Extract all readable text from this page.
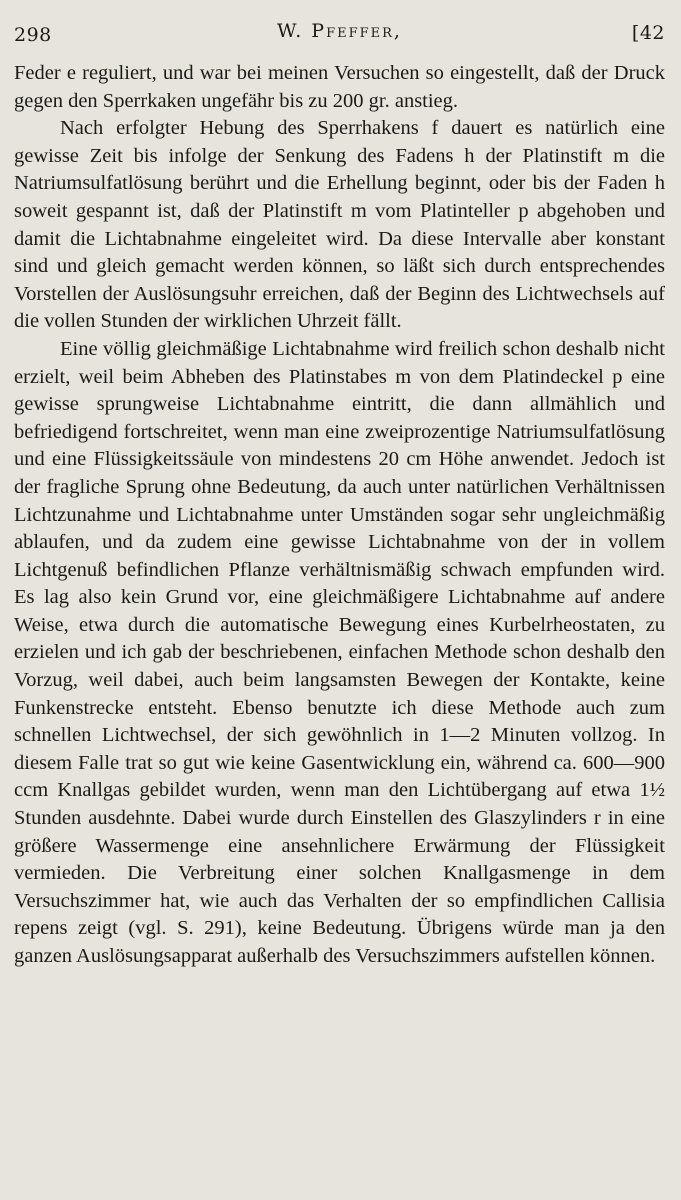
298	W. Pfeffer,	[42

Feder e reguliert, und war bei meinen Versuchen so eingestellt, daß der Druck gegen den Sperrkaken ungefähr bis zu 200 gr. anstieg.

Nach erfolgter Hebung des Sperrhakens f dauert es natürlich eine gewisse Zeit bis infolge der Senkung des Fadens h der Platinstift m die Natriumsulfatlösung berührt und die Erhellung beginnt, oder bis der Faden h soweit gespannt ist, daß der Platinstift m vom Platinteller p abgehoben und damit die Lichtabnahme eingeleitet wird. Da diese Intervalle aber konstant sind und gleich gemacht werden können, so läßt sich durch entsprechendes Vorstellen der Auslösungsuhr erreichen, daß der Beginn des Lichtwechsels auf die vollen Stunden der wirklichen Uhrzeit fällt.

Eine völlig gleichmäßige Lichtabnahme wird freilich schon deshalb nicht erzielt, weil beim Abheben des Platinstabes m von dem Platindeckel p eine gewisse sprungweise Lichtabnahme eintritt, die dann allmählich und befriedigend fortschreitet, wenn man eine zweiprozentige Natriumsulfatlösung und eine Flüssigkeitssäule von mindestens 20 cm Höhe anwendet. Jedoch ist der fragliche Sprung ohne Bedeutung, da auch unter natürlichen Verhältnissen Lichtzunahme und Lichtabnahme unter Umständen sogar sehr ungleichmäßig ablaufen, und da zudem eine gewisse Lichtabnahme von der in vollem Lichtgenuß befindlichen Pflanze verhältnismäßig schwach empfunden wird. Es lag also kein Grund vor, eine gleichmäßigere Lichtabnahme auf andere Weise, etwa durch die automatische Bewegung eines Kurbelrheostaten, zu erzielen und ich gab der beschriebenen, einfachen Methode schon deshalb den Vorzug, weil dabei, auch beim langsamsten Bewegen der Kontakte, keine Funkenstrecke entsteht. Ebenso benutzte ich diese Methode auch zum schnellen Lichtwechsel, der sich gewöhnlich in 1—2 Minuten vollzog. In diesem Falle trat so gut wie keine Gasentwicklung ein, während ca. 600—900 ccm Knallgas gebildet wurden, wenn man den Lichtübergang auf etwa 1½ Stunden ausdehnte. Dabei wurde durch Einstellen des Glaszylinders r in eine größere Wassermenge eine ansehnlichere Erwärmung der Flüssigkeit vermieden. Die Verbreitung einer solchen Knallgasmenge in dem Versuchszimmer hat, wie auch das Verhalten der so empfindlichen Callisia repens zeigt (vgl. S. 291), keine Bedeutung. Übrigens würde man ja den ganzen Auslösungsapparat außerhalb des Versuchszimmers aufstellen können.
